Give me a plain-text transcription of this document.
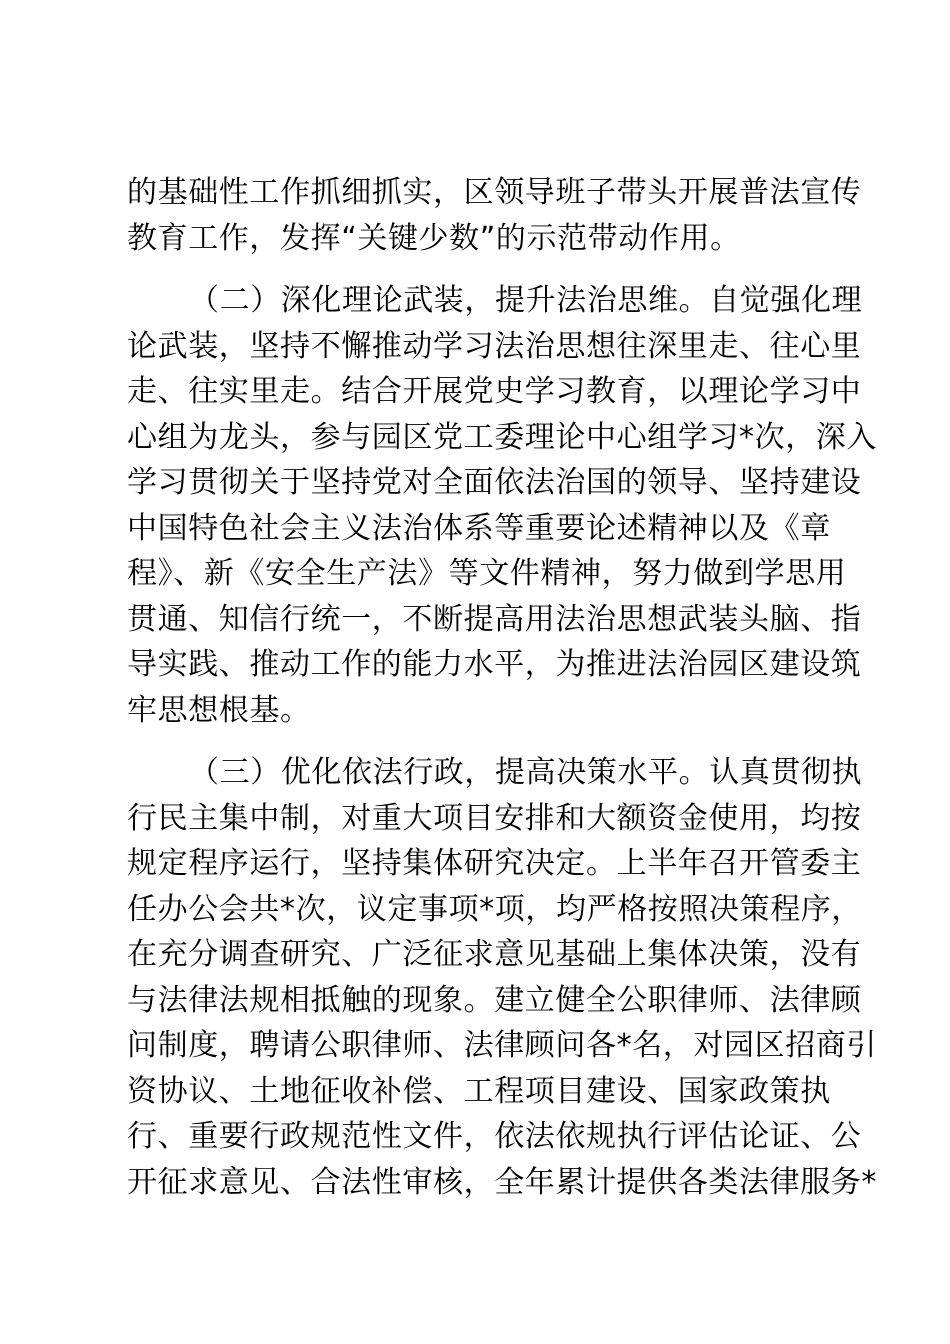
的基础性工作抓细抓实，区领导班子带头开展普法宣传
教育工作，发挥“关键少数”的示范带动作用。
（二）深化理论武装，提升法治思维。自觉强化理
论武装，坚持不懈推动学习法治思想往深里走、往心里
走、往实里走。结合开展党史学习教育，以理论学习中
心组为龙头，参与园区党工委理论中心组学习*次，深入
学习贯彻关于坚持党对全面依法治国的领导、坚持建设
中国特色社会主义法治体系等重要论述精神以及《章
程》、新《安全生产法》等文件精神，努力做到学思用
贯通、知信行统一，不断提高用法治思想武装头脑、指
导实践、推动工作的能力水平，为推进法治园区建设筑
牢思想根基。
（三）优化依法行政，提高决策水平。认真贯彻执
行民主集中制，对重大项目安排和大额资金使用，均按
规定程序运行，坚持集体研究决定。上半年召开管委主
任办公会共*次，议定事项*项，均严格按照决策程序，
在充分调查研究、广泛征求意见基础上集体决策，没有
与法律法规相抵触的现象。建立健全公职律师、法律顾
问制度，聘请公职律师、法律顾问各*名，对园区招商引
资协议、土地征收补偿、工程项目建设、国家政策执
行、重要行政规范性文件，依法依规执行评估论证、公
开征求意见、合法性审核，全年累计提供各类法律服务*
